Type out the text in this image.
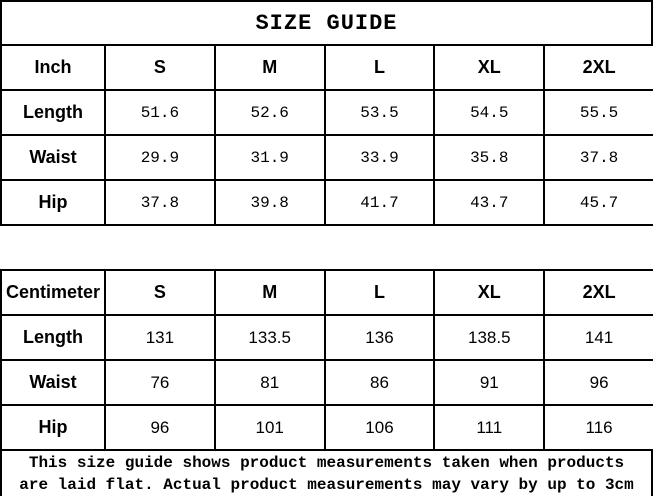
SIZE GUIDE
Inch	S	M	L	XL	2XL
Length	51.6	52.6	53.5	54.5	55.5
Waist	29.9	31.9	33.9	35.8	37.8
Hip	37.8	39.8	41.7	43.7	45.7
Centimeter	S	M	L	XL	2XL
Length	131	133.5	136	138.5	141
Waist	76	81	86	91	96
Hip	96	101	106	111	116
This size guide shows product measurements taken when products
are laid flat. Actual product measurements may vary by up to 3cm
